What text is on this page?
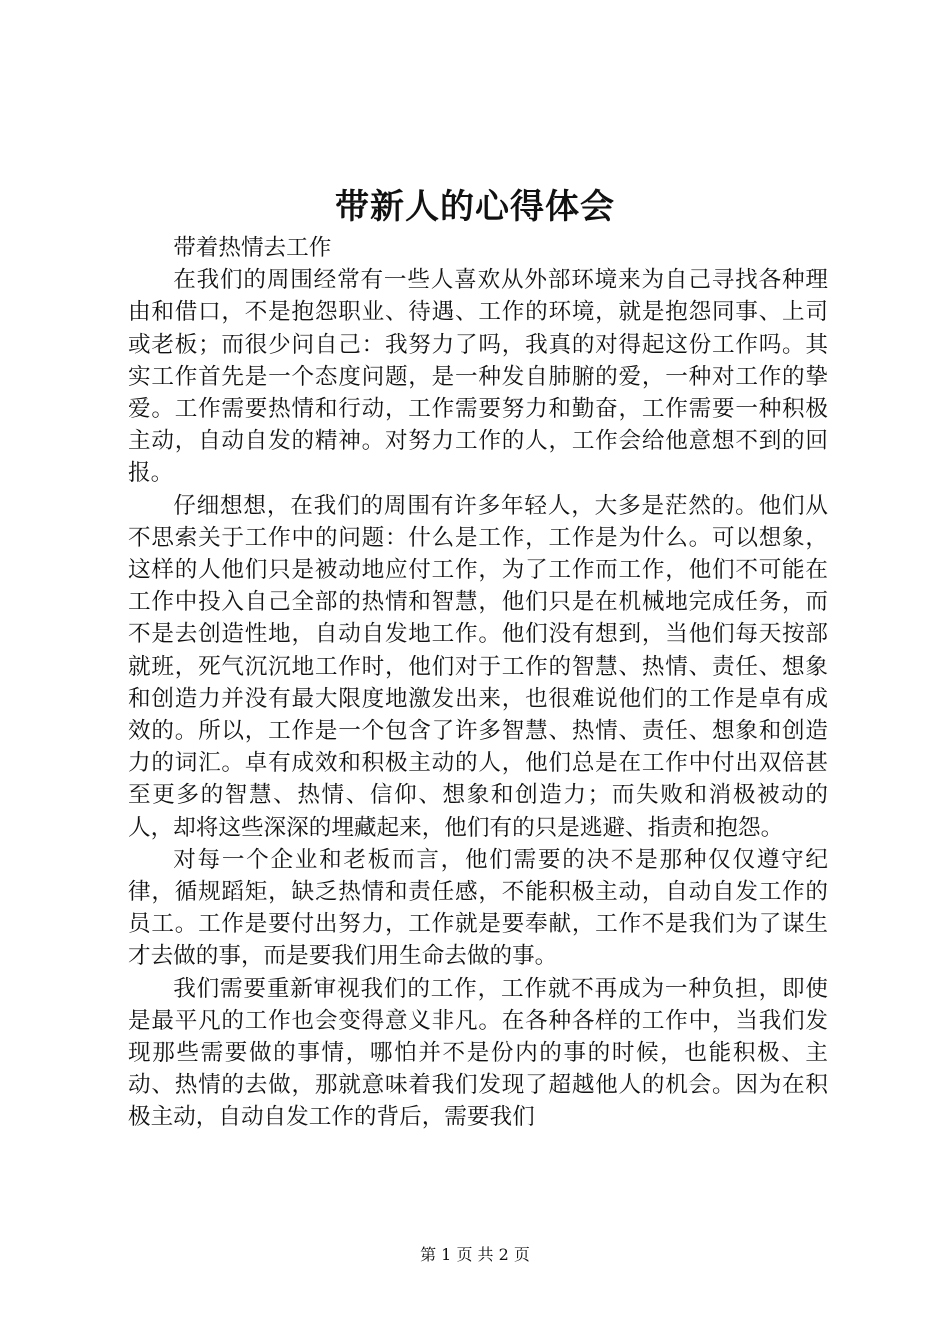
带新人的心得体会

带着热情去工作

在我们的周围经常有一些人喜欢从外部环境来为自己寻找各种理由和借口，不是抱怨职业、待遇、工作的环境，就是抱怨同事、上司或老板；而很少问自己：我努力了吗，我真的对得起这份工作吗。其实工作首先是一个态度问题，是一种发自肺腑的爱，一种对工作的挚爱。工作需要热情和行动，工作需要努力和勤奋，工作需要一种积极主动，自动自发的精神。对努力工作的人，工作会给他意想不到的回报。

仔细想想，在我们的周围有许多年轻人，大多是茫然的。他们从不思索关于工作中的问题：什么是工作，工作是为什么。可以想象，这样的人他们只是被动地应付工作，为了工作而工作，他们不可能在工作中投入自己全部的热情和智慧，他们只是在机械地完成任务，而不是去创造性地，自动自发地工作。他们没有想到，当他们每天按部就班，死气沉沉地工作时，他们对于工作的智慧、热情、责任、想象和创造力并没有最大限度地激发出来，也很难说他们的工作是卓有成效的。所以，工作是一个包含了许多智慧、热情、责任、想象和创造力的词汇。卓有成效和积极主动的人，他们总是在工作中付出双倍甚至更多的智慧、热情、信仰、想象和创造力；而失败和消极被动的人，却将这些深深的埋藏起来，他们有的只是逃避、指责和抱怨。

对每一个企业和老板而言，他们需要的决不是那种仅仅遵守纪律，循规蹈矩，缺乏热情和责任感，不能积极主动，自动自发工作的员工。工作是要付出努力，工作就是要奉献，工作不是我们为了谋生才去做的事，而是要我们用生命去做的事。

我们需要重新审视我们的工作，工作就不再成为一种负担，即使是最平凡的工作也会变得意义非凡。在各种各样的工作中，当我们发现那些需要做的事情，哪怕并不是份内的事的时候，也能积极、主动、热情的去做，那就意味着我们发现了超越他人的机会。因为在积极主动，自动自发工作的背后，需要我们

第 1 页 共 2 页
